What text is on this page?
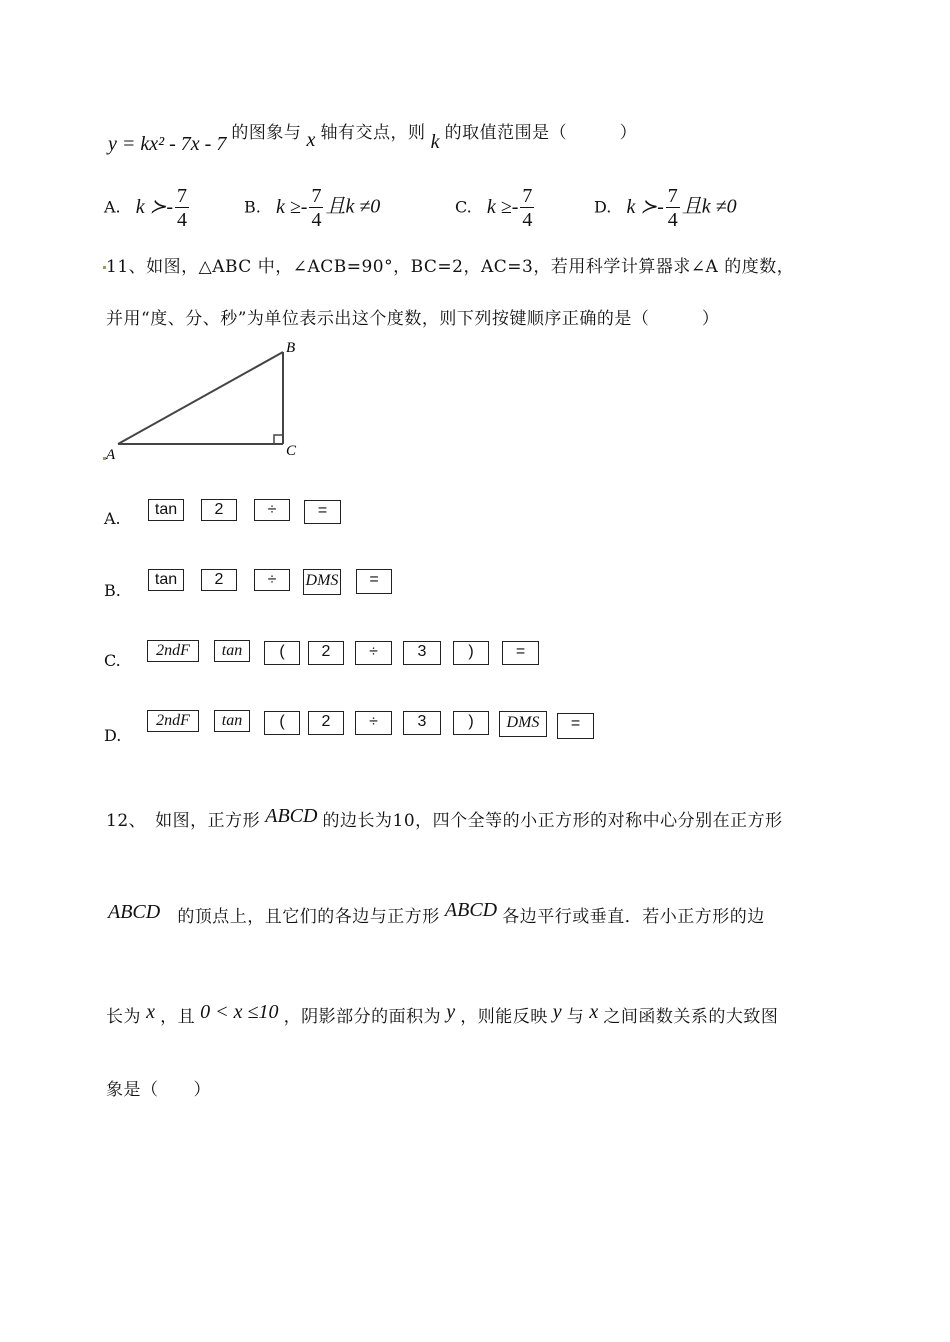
y = kx² - 7x - 7 的图象与 x 轴有交点，则 k 的取值范围是（　　　）
A. k ≻- $\frac{7}{4}$	B. $k \ge- \frac{7}{4}$ 且k ≠0	C. $k \ge- \frac{7}{4}$	D. k ≻- $\frac{7}{4}$ 且k ≠0
11、如图，△ABC 中，∠ACB=90°，BC=2，AC=3，若用科学计算器求∠A 的度数，
并用“度、分、秒”为单位表示出这个度数，则下列按键顺序正确的是（　　　）
B
C
A
A.	tan	2	÷	=
B.
tan	2	÷	DMS	=
C.
2ndF	tan	(	2	÷	3	)	=
D.
2ndF	tan	(	2	÷	3	)	DMS	=
12、　如图，正方形 ABCD 的边长为10，四个全等的小正方形的对称中心分别在正方形
ABCD 的顶点上，且它们的各边与正方形 ABCD 各边平行或垂直．若小正方形的边
长为 x ，且 0 < x ≤10 ，阴影部分的面积为 y ，则能反映 y 与 x 之间函数关系的大致图
象是（　　）
